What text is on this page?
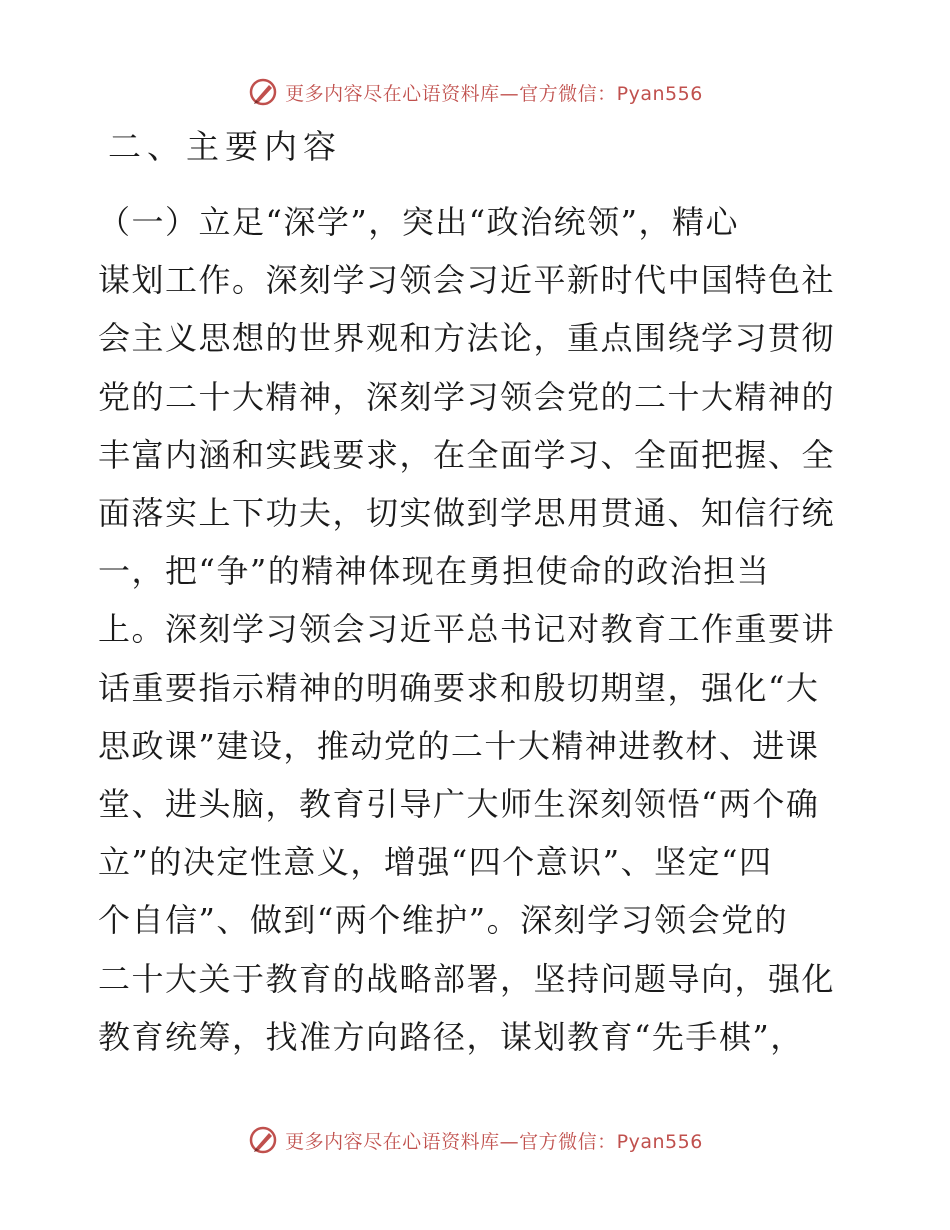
更多内容尽在心语资料库—官方微信：Pyan556
二、主要内容
（一）立足“深学”，突出“政治统领”，精心
谋划工作。深刻学习领会习近平新时代中国特色社
会主义思想的世界观和方法论，重点围绕学习贯彻
党的二十大精神，深刻学习领会党的二十大精神的
丰富内涵和实践要求，在全面学习、全面把握、全
面落实上下功夫，切实做到学思用贯通、知信行统
一，把“争”的精神体现在勇担使命的政治担当
上。深刻学习领会习近平总书记对教育工作重要讲
话重要指示精神的明确要求和殷切期望，强化“大
思政课”建设，推动党的二十大精神进教材、进课
堂、进头脑，教育引导广大师生深刻领悟“两个确
立”的决定性意义，增强“四个意识”、坚定“四
个自信”、做到“两个维护”。深刻学习领会党的
二十大关于教育的战略部署，坚持问题导向，强化
教育统筹，找准方向路径，谋划教育“先手棋”，
更多内容尽在心语资料库—官方微信：Pyan556
